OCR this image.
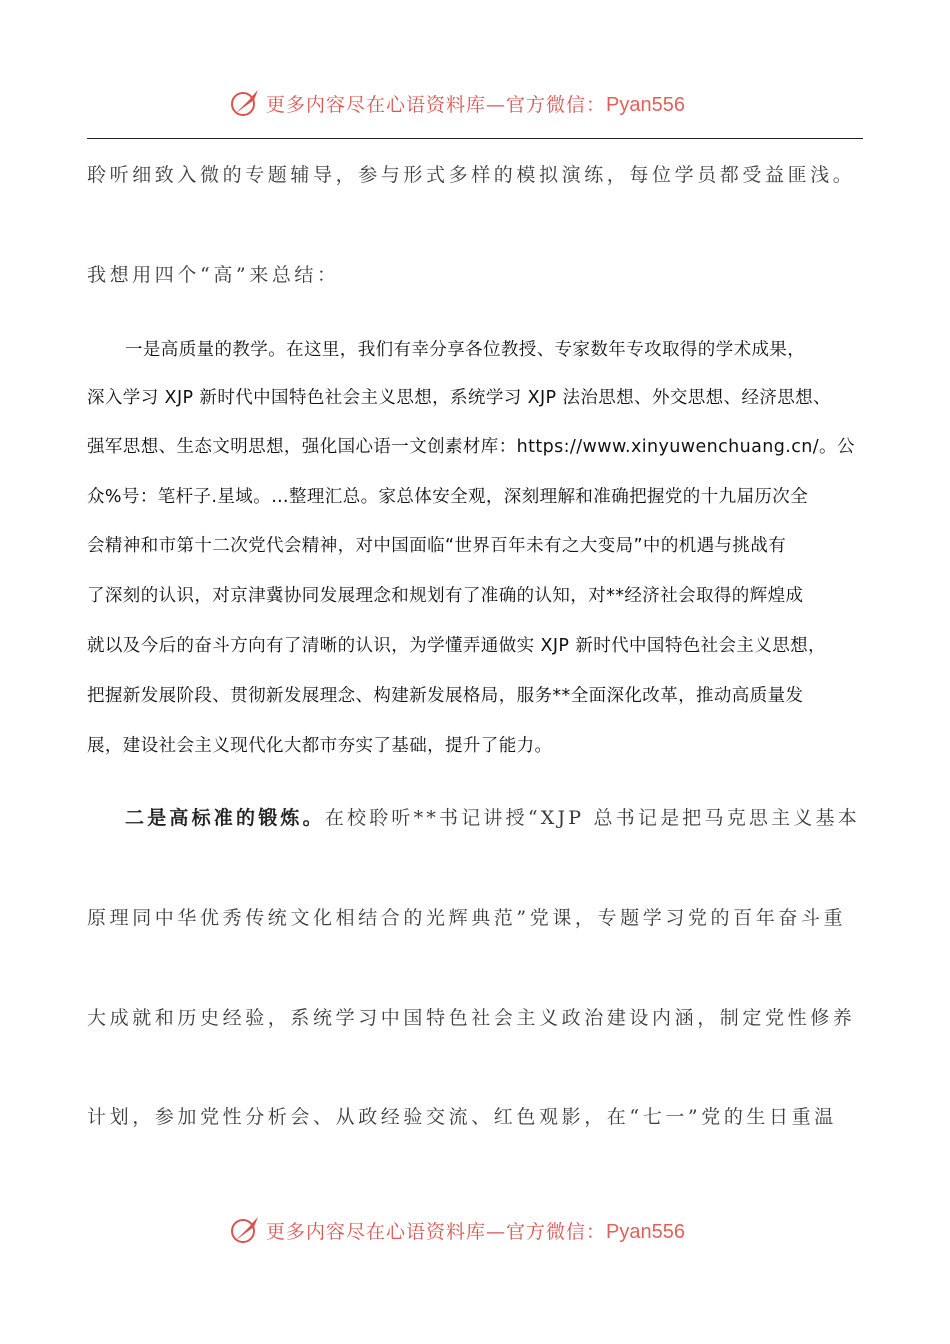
更多内容尽在心语资料库—官方微信：Pyan556
聆听细致入微的专题辅导，参与形式多样的模拟演练，每位学员都受益匪浅。
我想用四个“高”来总结：
一是高质量的教学。在这里，我们有幸分享各位教授、专家数年专攻取得的学术成果，
深入学习 XJP 新时代中国特色社会主义思想，系统学习 XJP 法治思想、外交思想、经济思想、
强军思想、生态文明思想，强化国心语一文创素材库：https://www.xinyuwenchuang.cn/。公
众%号：笔杆子.星域。…整理汇总。家总体安全观，深刻理解和准确把握党的十九届历次全
会精神和市第十二次党代会精神，对中国面临“世界百年未有之大变局”中的机遇与挑战有
了深刻的认识，对京津冀协同发展理念和规划有了准确的认知，对**经济社会取得的辉煌成
就以及今后的奋斗方向有了清晰的认识，为学懂弄通做实 XJP 新时代中国特色社会主义思想，
把握新发展阶段、贯彻新发展理念、构建新发展格局，服务**全面深化改革，推动高质量发
展，建设社会主义现代化大都市夯实了基础，提升了能力。
二是高标准的锻炼。在校聆听**书记讲授“XJP 总书记是把马克思主义基本
原理同中华优秀传统文化相结合的光辉典范”党课，专题学习党的百年奋斗重
大成就和历史经验，系统学习中国特色社会主义政治建设内涵，制定党性修养
计划，参加党性分析会、从政经验交流、红色观影，在“七一”党的生日重温
更多内容尽在心语资料库—官方微信：Pyan556
